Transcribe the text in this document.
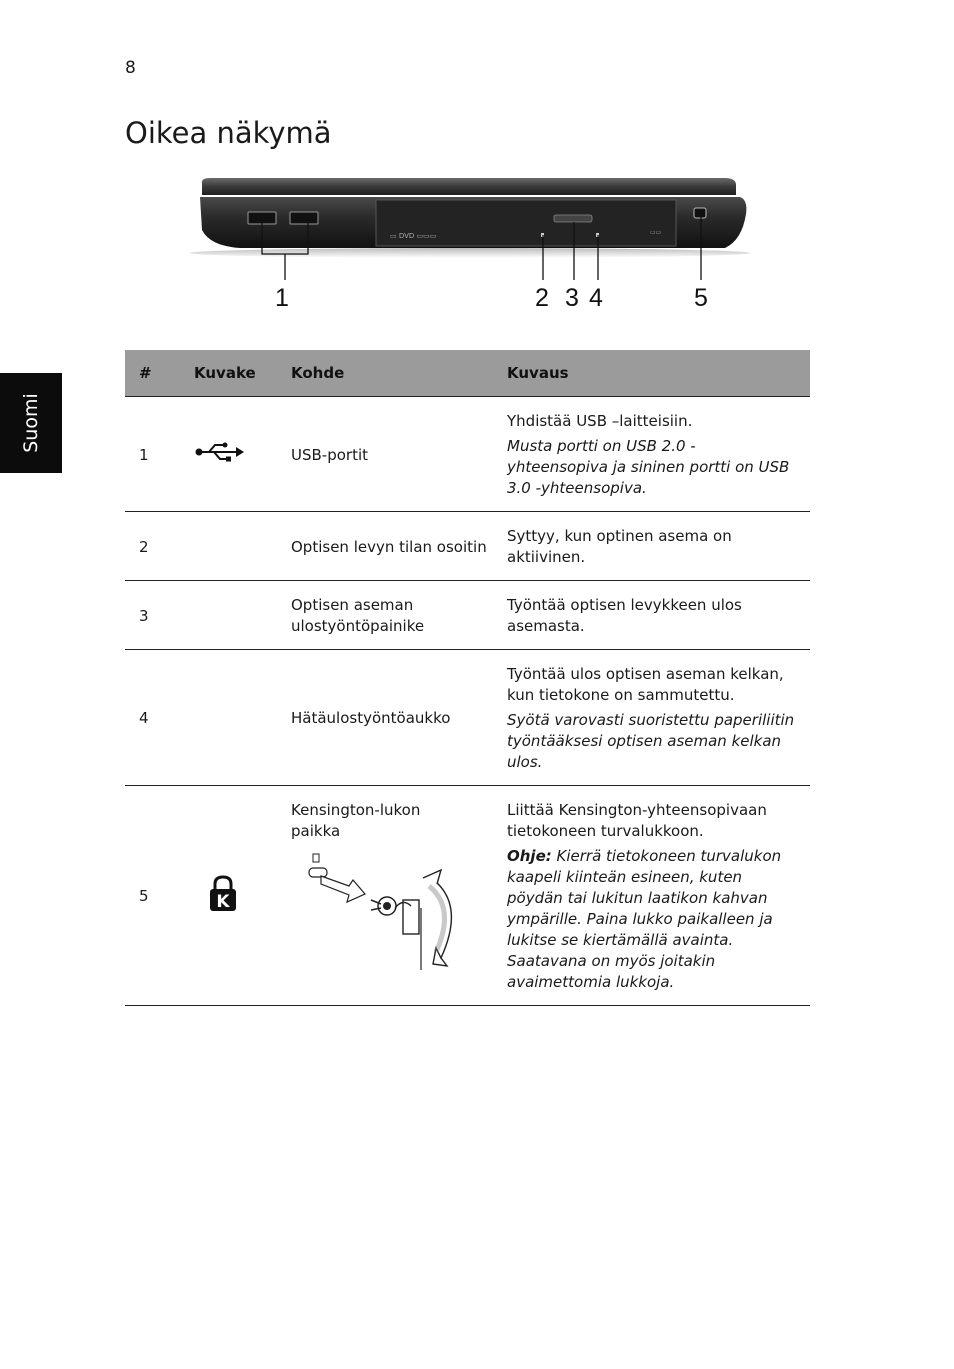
8
Oikea näkymä
Suomi
▭ DVD ▭▭▭	▭▭
1	2 3 4	5
#	Kuvake	Kohde	Kuvaus
1		USB-portit	Yhdistää USB –laitteisiin.

Musta portti on USB 2.0 -yhteensopiva ja sininen portti on USB 3.0 -yhteensopiva.

2		Optisen levyn tilan osoitin	Syttyy, kun optinen asema on aktiivinen.

3		Optisen aseman ulostyöntöpainike	Työntää optisen levykkeen ulos asemasta.

4		Hätäulostyöntöaukko	Työntää ulos optisen aseman kelkan, kun tietokone on sammutettu.

Syötä varovasti suoristettu paperiliitin työntääksesi optisen aseman kelkan ulos.

5	K	Kensington-lukon paikka	Liittää Kensington-yhteensopivaan tietokoneen turvalukkoon.

Ohje: Kierrä tietokoneen turvalukon kaapeli kiinteän esineen, kuten pöydän tai lukitun laatikon kahvan ympärille. Paina lukko paikalleen ja lukitse se kiertämällä avainta. Saatavana on myös joitakin avaimettomia lukkoja.
